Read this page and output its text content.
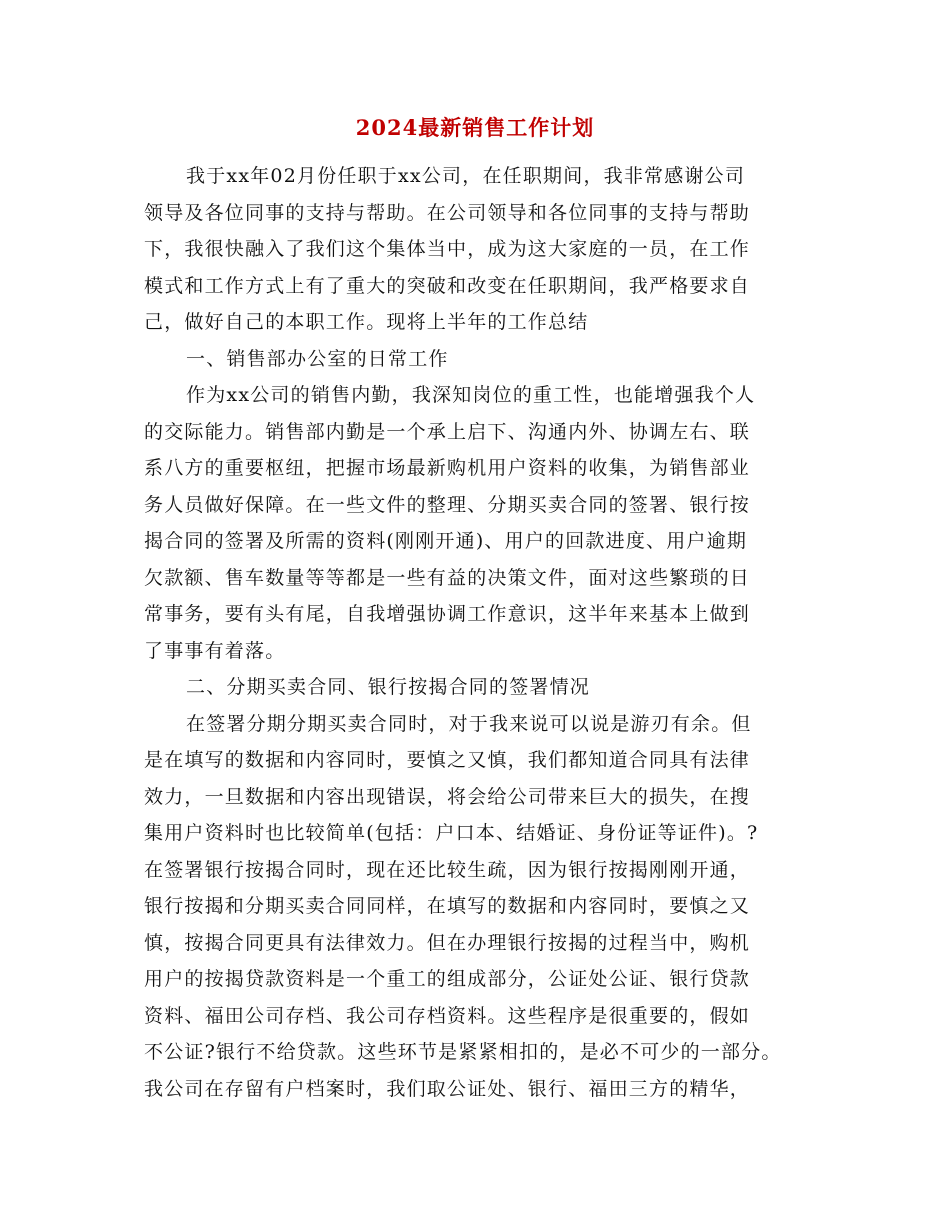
2024最新销售工作计划
我于xx年02月份任职于xx公司，在任职期间，我非常感谢公司
领导及各位同事的支持与帮助。在公司领导和各位同事的支持与帮助
下，我很快融入了我们这个集体当中，成为这大家庭的一员，在工作
模式和工作方式上有了重大的突破和改变在任职期间，我严格要求自
己，做好自己的本职工作。现将上半年的工作总结
一、销售部办公室的日常工作
作为xx公司的销售内勤，我深知岗位的重工性，也能增强我个人
的交际能力。销售部内勤是一个承上启下、沟通内外、协调左右、联
系八方的重要枢纽，把握市场最新购机用户资料的收集，为销售部业
务人员做好保障。在一些文件的整理、分期买卖合同的签署、银行按
揭合同的签署及所需的资料(刚刚开通)、用户的回款进度、用户逾期
欠款额、售车数量等等都是一些有益的决策文件，面对这些繁琐的日
常事务，要有头有尾，自我增强协调工作意识，这半年来基本上做到
了事事有着落。
二、分期买卖合同、银行按揭合同的签署情况
在签署分期分期买卖合同时，对于我来说可以说是游刃有余。但
是在填写的数据和内容同时，要慎之又慎，我们都知道合同具有法律
效力，一旦数据和内容出现错误，将会给公司带来巨大的损失，在搜
集用户资料时也比较简单(包括：户口本、结婚证、身份证等证件)。?
在签署银行按揭合同时，现在还比较生疏，因为银行按揭刚刚开通，
银行按揭和分期买卖合同同样，在填写的数据和内容同时，要慎之又
慎，按揭合同更具有法律效力。但在办理银行按揭的过程当中，购机
用户的按揭贷款资料是一个重工的组成部分，公证处公证、银行贷款
资料、福田公司存档、我公司存档资料。这些程序是很重要的，假如
不公证?银行不给贷款。这些环节是紧紧相扣的，是必不可少的一部分。
我公司在存留有户档案时，我们取公证处、银行、福田三方的精华，
